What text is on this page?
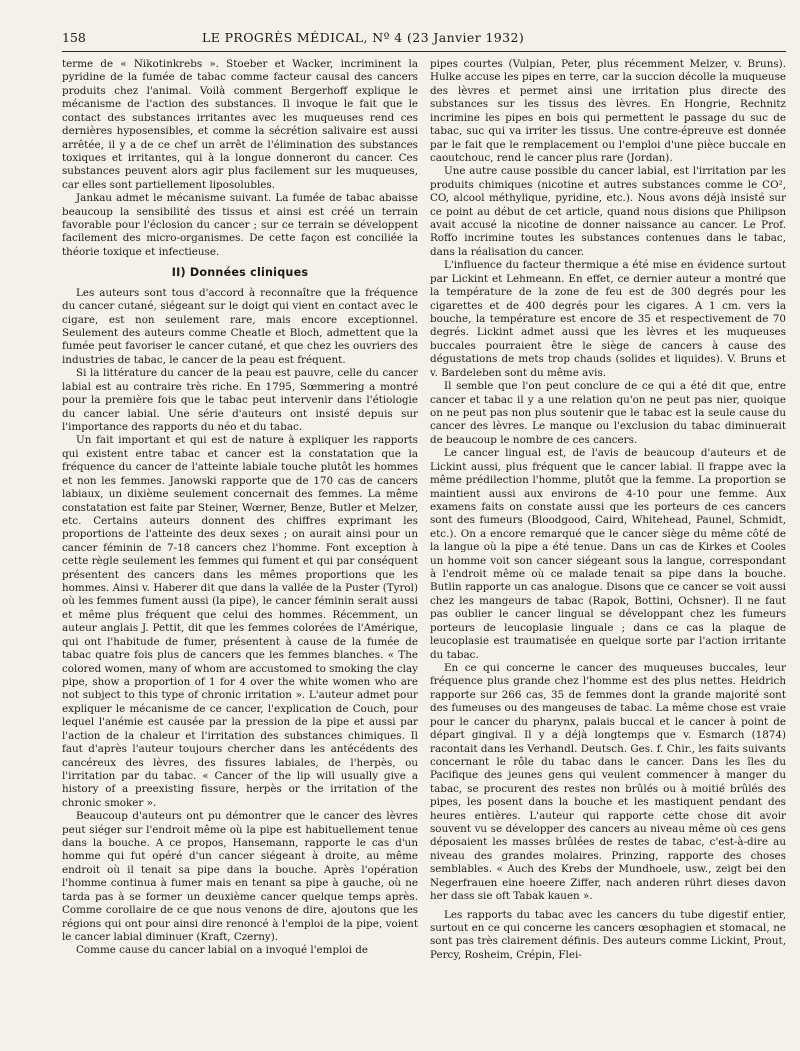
158	LE PROGRÈS MÉDICAL, Nº 4 (23 Janvier 1932)

terme de « Nikotinkrebs ». Stoeber et Wacker, incriminent la pyridine de la fumée de tabac comme facteur causal des cancers produits chez l'animal. Voilà comment Bergerhoff explique le mécanisme de l'action des substances. Il invoque le fait que le contact des substances irritantes avec les muqueuses rend ces dernières hyposensibles, et comme la sécrétion salivaire est aussi arrêtée, il y a de ce chef un arrêt de l'élimination des substances toxiques et irritantes, qui à la longue donneront du cancer. Ces substances peuvent alors agir plus facilement sur les muqueuses, car elles sont partiellement liposolubles.

Jankau admet le mécanisme suivant. La fumée de tabac abaisse beaucoup la sensibilité des tissus et ainsi est créé un terrain favorable pour l'éclosion du cancer ; sur ce terrain se développent facilement des micro-organismes. De cette façon est conciliée la théorie toxique et infectieuse.

II) Données cliniques

Les auteurs sont tous d'accord à reconnaître que la fréquence du cancer cutané, siégeant sur le doigt qui vient en contact avec le cigare, est non seulement rare, mais encore exceptionnel. Seulement des auteurs comme Cheatle et Bloch, admettent que la fumée peut favoriser le cancer cutané, et que chez les ouvriers des industries de tabac, le cancer de la peau est fréquent.

Si la littérature du cancer de la peau est pauvre, celle du cancer labial est au contraire très riche. En 1795, Sœmmering a montré pour la première fois que le tabac peut intervenir dans l'étiologie du cancer labial. Une série d'auteurs ont insisté depuis sur l'importance des rapports du néo et du tabac.

Un fait important et qui est de nature à expliquer les rapports qui existent entre tabac et cancer est la constatation que la fréquence du cancer de l'atteinte labiale touche plutôt les hommes et non les femmes. Janowski rapporte que de 170 cas de cancers labiaux, un dixième seulement concernait des femmes. La même constatation est faite par Steiner, Wœrner, Benze, Butler et Melzer, etc. Certains auteurs donnent des chiffres exprimant les proportions de l'atteinte des deux sexes ; on aurait ainsi pour un cancer féminin de 7-18 cancers chez l'homme. Font exception à cette règle seulement les femmes qui fument et qui par conséquent présentent des cancers dans les mêmes proportions que les hommes. Ainsi v. Haberer dit que dans la vallée de la Puster (Tyrol) où les femmes fument aussi (la pipe), le cancer féminin serait aussi et même plus fréquent que celui des hommes. Récemment, un auteur anglais J. Pettit, dit que les femmes colorées de l'Amérique, qui ont l'habitude de fumer, présentent à cause de la fumée de tabac quatre fois plus de cancers que les femmes blanches. « The colored women, many of whom are accustomed to smoking the clay pipe, show a proportion of 1 for 4 over the white women who are not subject to this type of chronic irritation ». L'auteur admet pour expliquer le mécanisme de ce cancer, l'explication de Couch, pour lequel l'anémie est causée par la pression de la pipe et aussi par l'action de la chaleur et l'irritation des substances chimiques. Il faut d'après l'auteur toujours chercher dans les antécédents des cancéreux des lèvres, des fissures labiales, de l'herpès, ou l'irritation par du tabac. « Cancer of the lip will usually give a history of a preexisting fissure, herpès or the irritation of the chronic smoker ».

Beaucoup d'auteurs ont pu démontrer que le cancer des lèvres peut siéger sur l'endroit même où la pipe est habituellement tenue dans la bouche. A ce propos, Hansemann, rapporte le cas d'un homme qui fut opéré d'un cancer siégeant à droite, au même endroit où il tenait sa pipe dans la bouche. Après l'opération l'homme continua à fumer mais en tenant sa pipe à gauche, où ne tarda pas à se former un deuxième cancer quelque temps après. Comme corollaire de ce que nous venons de dire, ajoutons que les régions qui ont pour ainsi dire renoncé à l'emploi de la pipe, voient le cancer labial diminuer (Kraft, Czerny).

Comme cause du cancer labial on a invoqué l'emploi de

pipes courtes (Vulpian, Peter, plus récemment Melzer, v. Bruns). Hulke accuse les pipes en terre, car la succion décolle la muqueuse des lèvres et permet ainsi une irritation plus directe des substances sur les tissus des lèvres. En Hongrie, Rechnitz incrimine les pipes en bois qui permettent le passage du suc de tabac, suc qui va irriter les tissus. Une contre-épreuve est donnée par le fait que le remplacement ou l'emploi d'une pièce buccale en caoutchouc, rend le cancer plus rare (Jordan).

Une autre cause possible du cancer labial, est l'irritation par les produits chimiques (nicotine et autres substances comme le CO², CO, alcool méthylique, pyridine, etc.). Nous avons déjà insisté sur ce point au début de cet article, quand nous disions que Philipson avait accusé la nicotine de donner naissance au cancer. Le Prof. Roffo incrimine toutes les substances contenues dans le tabac, dans la réalisation du cancer.

L'influence du facteur thermique a été mise en évidence surtout par Lickint et Lehmeann. En effet, ce dernier auteur a montré que la température de la zone de feu est de 300 degrés pour les cigarettes et de 400 degrés pour les cigares. A 1 cm. vers la bouche, la température est encore de 35 et respectivement de 70 degrés. Lickint admet aussi que les lèvres et les muqueuses buccales pourraient être le siège de cancers à cause des dégustations de mets trop chauds (solides et liquides). V. Bruns et v. Bardeleben sont du même avis.

Il semble que l'on peut conclure de ce qui a été dit que, entre cancer et tabac il y a une relation qu'on ne peut pas nier, quoique on ne peut pas non plus soutenir que le tabac est la seule cause du cancer des lèvres. Le manque ou l'exclusion du tabac diminuerait de beaucoup le nombre de ces cancers.

Le cancer lingual est, de l'avis de beaucoup d'auteurs et de Lickint aussi, plus fréquent que le cancer labial. Il frappe avec la même prédilection l'homme, plutôt que la femme. La proportion se maintient aussi aux environs de 4-10 pour une femme. Aux examens faits on constate aussi que les porteurs de ces cancers sont des fumeurs (Bloodgood, Caird, Whitehead, Paunel, Schmidt, etc.). On a encore remarqué que le cancer siège du même côté de la langue où la pipe a été tenue. Dans un cas de Kirkes et Cooles un homme voit son cancer siégeant sous la langue, correspondant à l'endroit même où ce malade tenait sa pipe dans la bouche. Butlin rapporte un cas analogue. Disons que ce cancer se voit aussi chez les mangeurs de tabac (Rapok, Bottini, Ochsner). Il ne faut pas oublier le cancer lingual se développant chez les fumeurs porteurs de leucoplasie linguale ; dans ce cas la plaque de leucoplasie est traumatisée en quelque sorte par l'action irritante du tabac.

En ce qui concerne le cancer des muqueuses buccales, leur fréquence plus grande chez l'homme est des plus nettes. Heidrich rapporte sur 266 cas, 35 de femmes dont la grande majorité sont des fumeuses ou des mangeuses de tabac. La même chose est vraie pour le cancer du pharynx, palais buccal et le cancer à point de départ gingival. Il y a déjà longtemps que v. Esmarch (1874) racontait dans les Verhandl. Deutsch. Ges. f. Chir., les faits suivants concernant le rôle du tabac dans le cancer. Dans les îles du Pacifique des jeunes gens qui veulent commencer à manger du tabac, se procurent des restes non brûlés ou à moitié brûlés des pipes, les posent dans la bouche et les mastiquent pendant des heures entières. L'auteur qui rapporte cette chose dit avoir souvent vu se développer des cancers au niveau même où ces gens déposaient les masses brûlées de restes de tabac, c'est-à-dire au niveau des grandes molaires. Prinzing, rapporte des choses semblables. « Auch des Krebs der Mundhoele, usw., zeigt bei den Negerfrauen eine hoeere Ziffer, nach anderen rührt dieses davon her dass sie oft Tabak kauen ».

Les rapports du tabac avec les cancers du tube digestif entier, surtout en ce qui concerne les cancers œsophagien et stomacal, ne sont pas très clairement définis. Des auteurs comme Lickint, Prout, Percy, Rosheim, Crépin, Flei-
